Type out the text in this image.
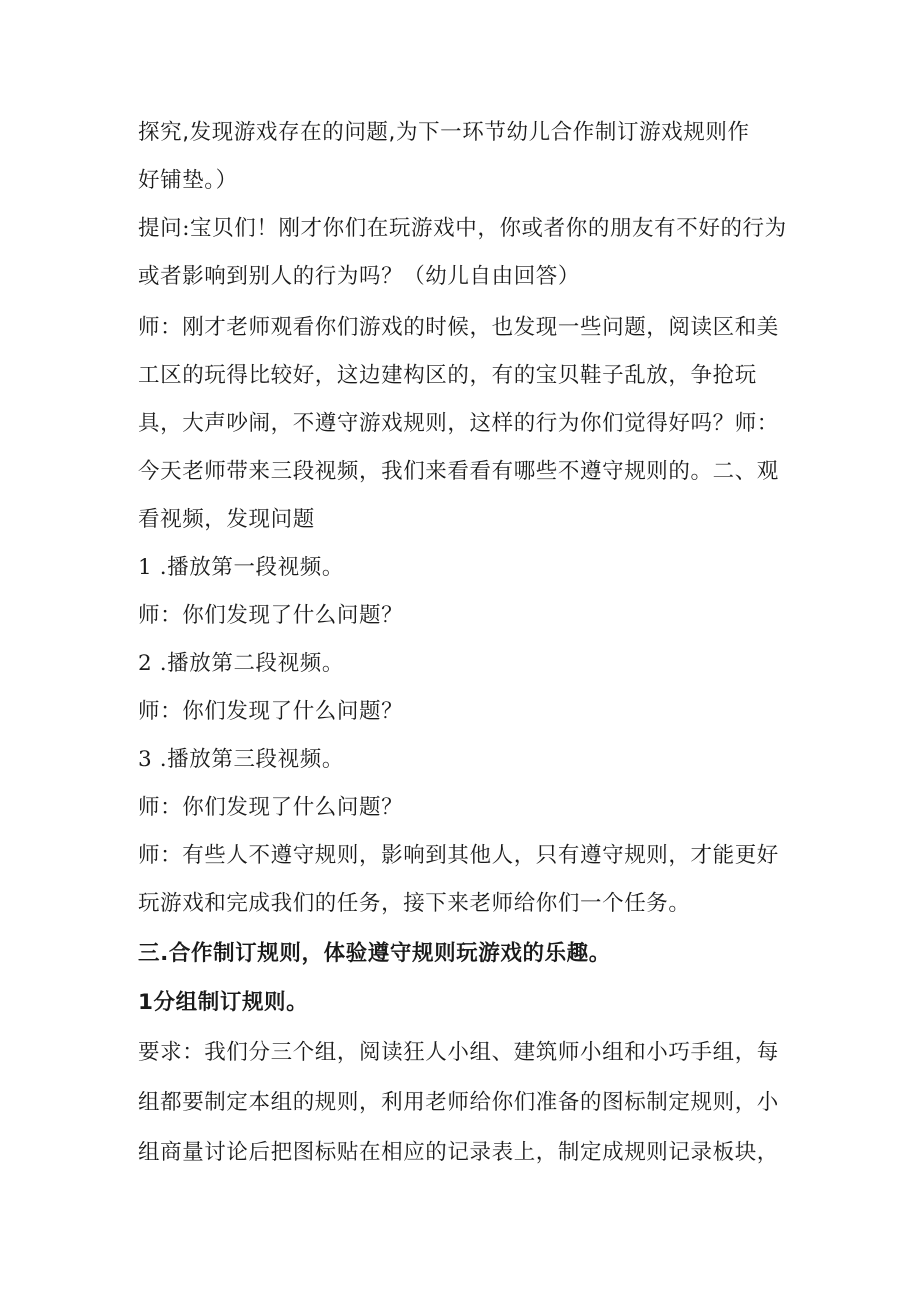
探究,发现游戏存在的问题,为下一环节幼儿合作制订游戏规则作
好铺垫。）
提问:宝贝们！刚才你们在玩游戏中，你或者你的朋友有不好的行为
或者影响到别人的行为吗？（幼儿自由回答）
师：刚才老师观看你们游戏的时候，也发现一些问题，阅读区和美
工区的玩得比较好，这边建构区的，有的宝贝鞋子乱放，争抢玩
具，大声吵闹，不遵守游戏规则，这样的行为你们觉得好吗？师：
今天老师带来三段视频，我们来看看有哪些不遵守规则的。二、观
看视频，发现问题
1 .播放第一段视频。
师：你们发现了什么问题？
2 .播放第二段视频。
师：你们发现了什么问题？
3 .播放第三段视频。
师：你们发现了什么问题？
师：有些人不遵守规则，影响到其他人，只有遵守规则，才能更好
玩游戏和完成我们的任务，接下来老师给你们一个任务。
三.合作制订规则，体验遵守规则玩游戏的乐趣。
1分组制订规则。
要求：我们分三个组，阅读狂人小组、建筑师小组和小巧手组，每
组都要制定本组的规则，利用老师给你们准备的图标制定规则，小
组商量讨论后把图标贴在相应的记录表上，制定成规则记录板块，
